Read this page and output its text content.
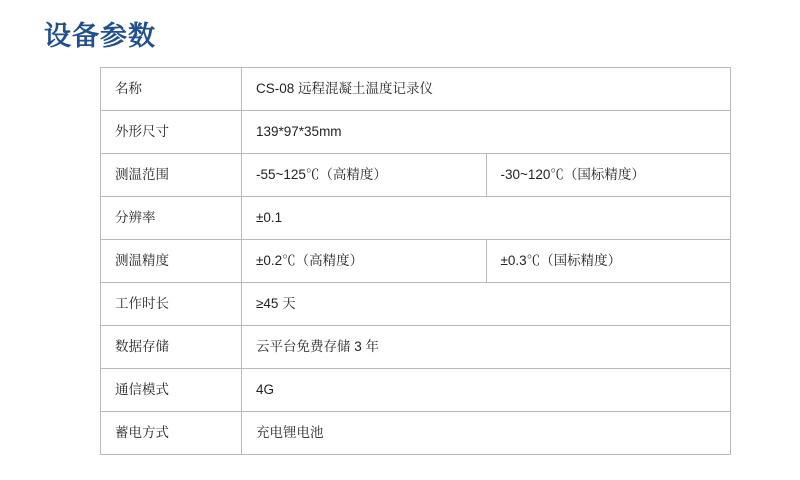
设备参数
名称	CS-08 远程混凝土温度记录仪	
外形尺寸	139*97*35mm	
测温范围	-55~125℃（高精度）	-30~120℃（国标精度）
分辨率	±0.1	
测温精度	±0.2℃（高精度）	±0.3℃（国标精度）
工作时长	≥45 天	
数据存储	云平台免费存储 3 年	
通信模式	4G	
蓄电方式	充电锂电池	
